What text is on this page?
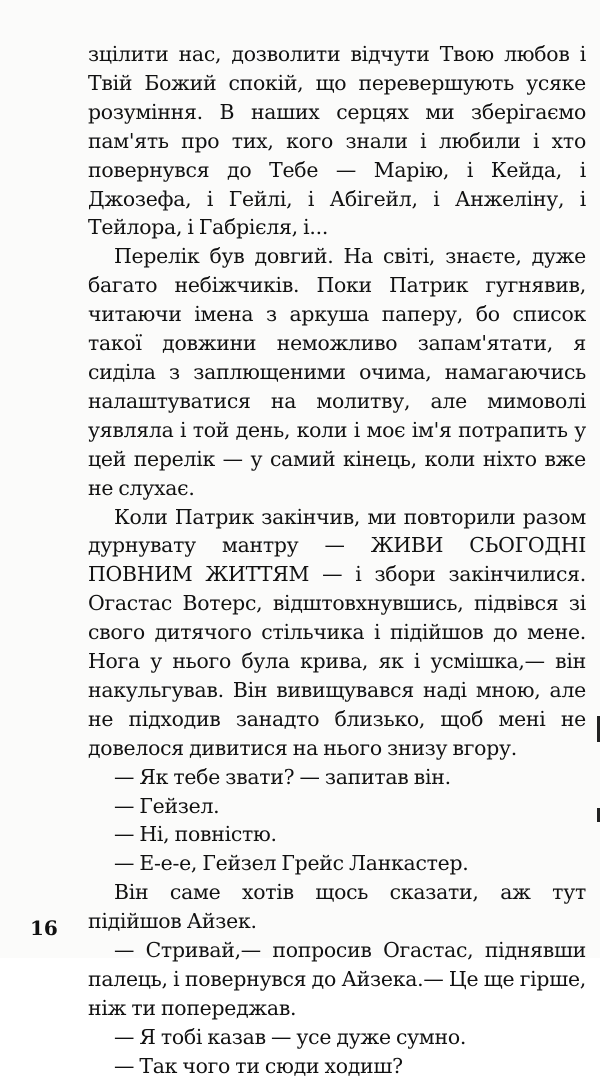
зцілити нас, дозволити відчути Твою любов і Твій Божий спокій, що перевершують усяке розуміння. В наших серцях ми зберігаємо пам'ять про тих, кого знали і любили і хто повернувся до Тебе — Марію, і Кейда, і Джозефа, і Гейлі, і Абігейл, і Анжеліну, і Тейлора, і Габрієля, і...

Перелік був довгий. На світі, знаєте, дуже багато небіжчиків. Поки Патрик гугнявив, читаючи імена з аркуша паперу, бо список такої довжини неможливо запам'ятати, я сиділа з заплющеними очима, намагаючись налаштуватися на молитву, але мимоволі уявляла і той день, коли і моє ім'я потрапить у цей перелік — у самий кінець, коли ніхто вже не слухає.

Коли Патрик закінчив, ми повторили разом дурнувату мантру — ЖИВИ СЬОГОДНІ ПОВНИМ ЖИТТЯМ — і збори закінчилися. Огастас Вотерс, відштовхнувшись, підвівся зі свого дитячого стільчика і підійшов до мене. Нога у нього була крива, як і усмішка,— він накульгував. Він вивищувався наді мною, але не підходив занадто близько, щоб мені не довелося дивитися на нього знизу вгору.

— Як тебе звати? — запитав він.

— Гейзел.

— Ні, повністю.

— Е-е-е, Гейзел Грейс Ланкастер.

Він саме хотів щось сказати, аж тут підійшов Айзек.

— Стривай,— попросив Огастас, піднявши палець, і повернувся до Айзека.— Це ще гірше, ніж ти попереджав.

— Я тобі казав — усе дуже сумно.

— Так чого ти сюди ходиш?

16
